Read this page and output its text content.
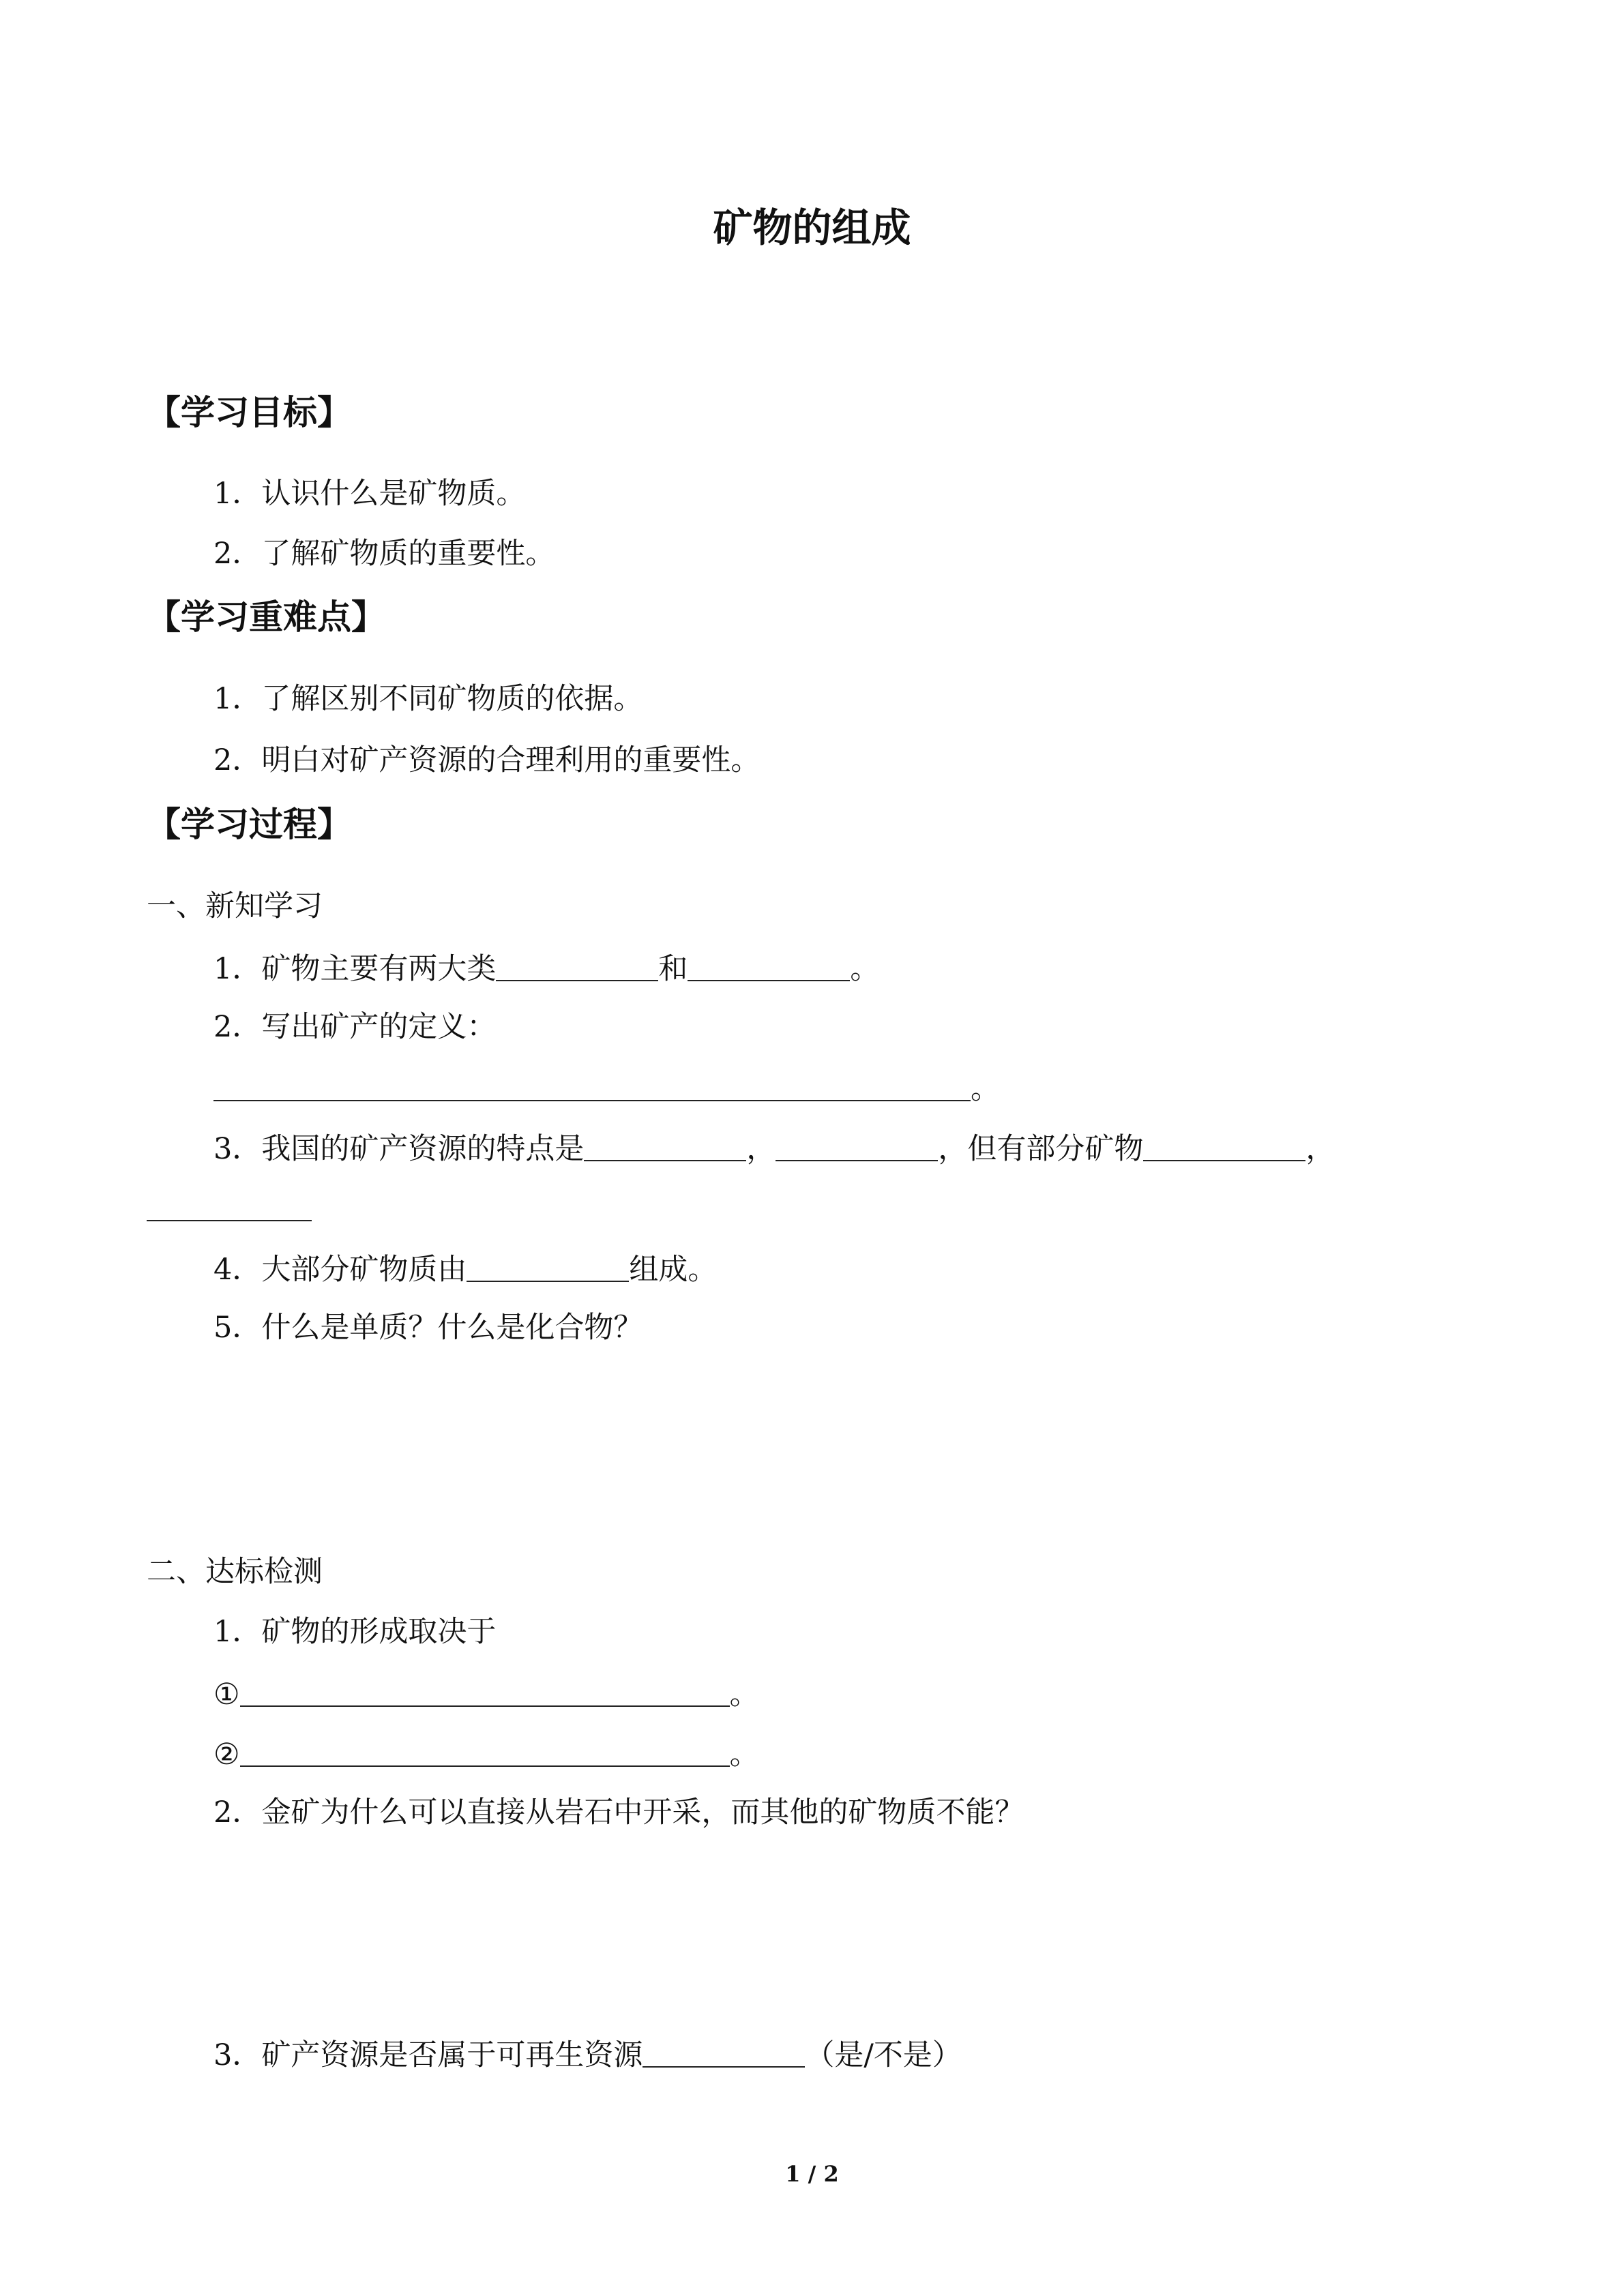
矿物的组成
【学习目标】
1．认识什么是矿物质。
2．了解矿物质的重要性。
【学习重难点】
1．了解区别不同矿物质的依据。
2．明白对矿产资源的合理利用的重要性。
【学习过程】
一、新知学习
1．矿物主要有两大类	和	。
2．写出矿产的定义：
。
3．我国的矿产资源的特点是	，	，但有部分矿物	，
4．大部分矿物质由	组成。
5．什么是单质？什么是化合物？
二、达标检测
1．矿物的形成取决于
①	。
②	。
2．金矿为什么可以直接从岩石中开采，而其他的矿物质不能？
3．矿产资源是否属于可再生资源	（是/不是）
1 / 2
